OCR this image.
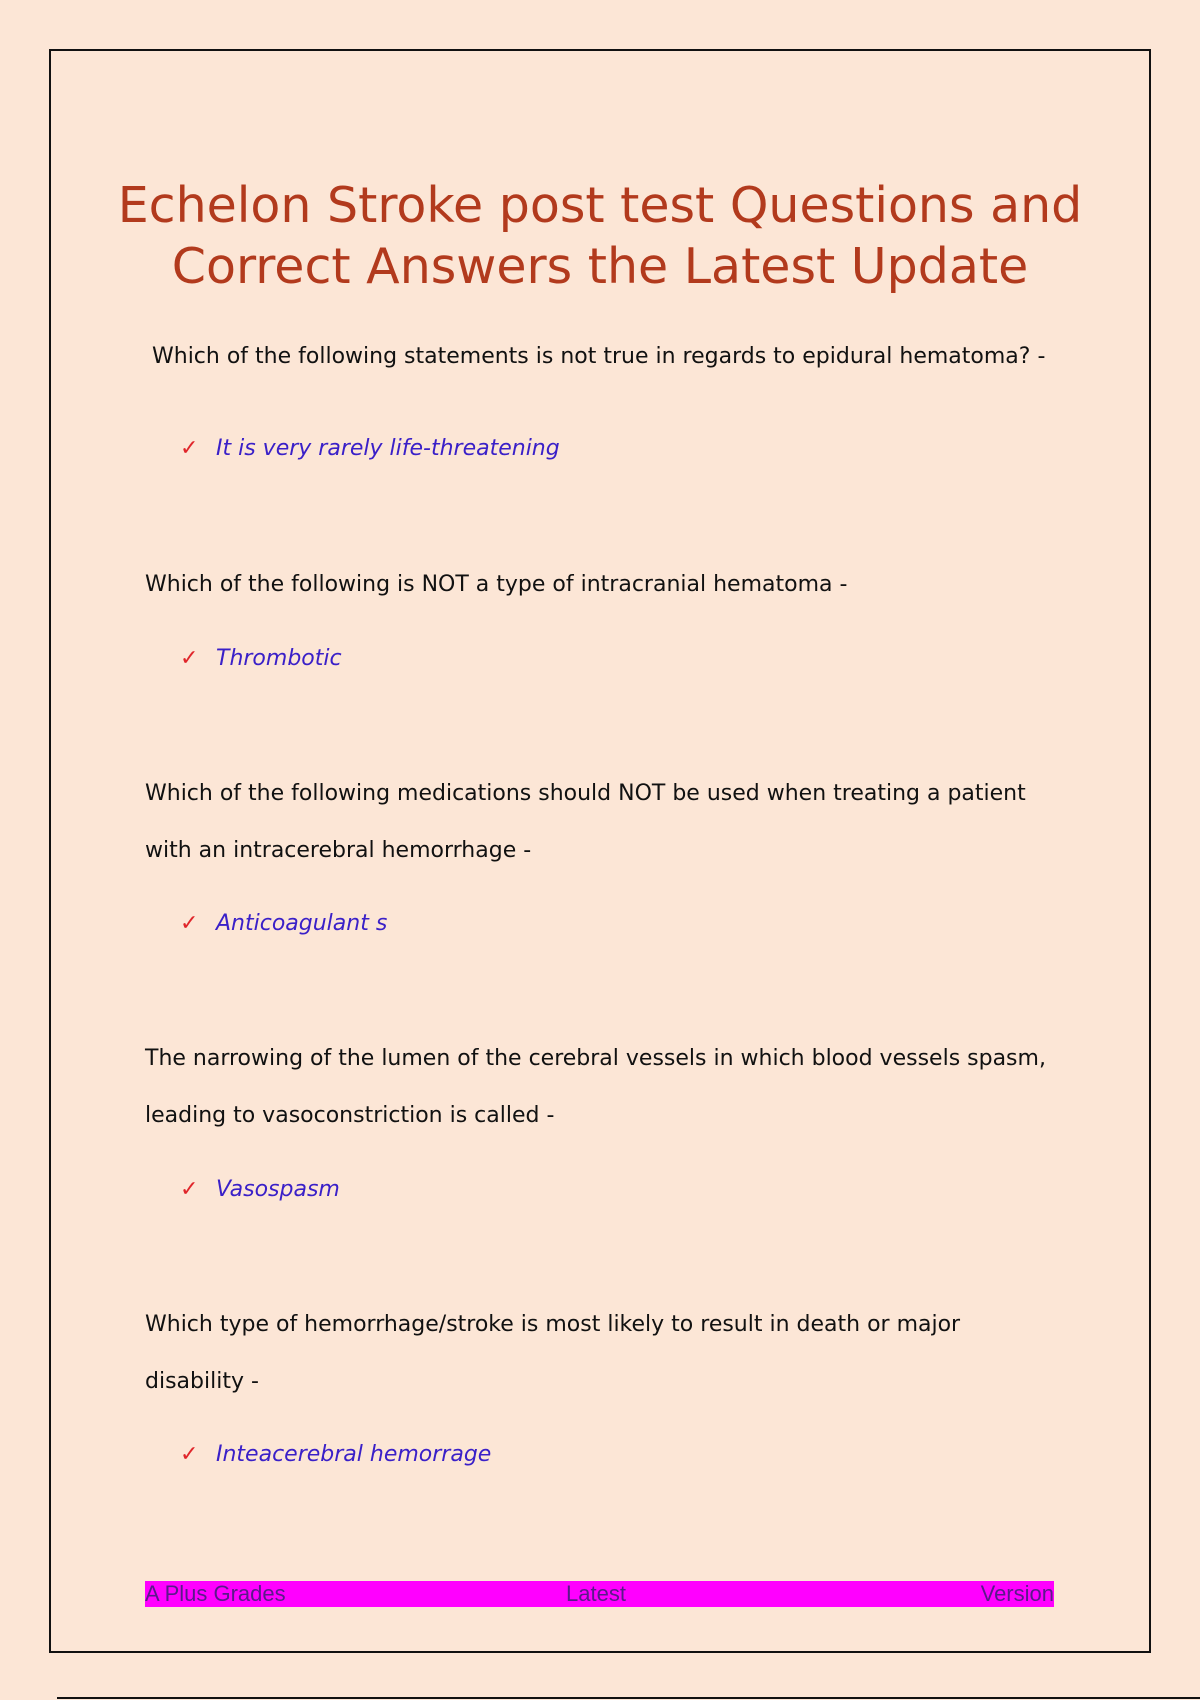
Echelon Stroke post test Questions and Correct Answers the Latest Update
Which of the following statements is not true in regards to epidural hematoma? -
✓ It is very rarely life-threatening
Which of the following is NOT a type of intracranial hematoma -
✓ Thrombotic
Which of the following medications should NOT be used when treating a patient with an intracerebral hemorrhage -
✓ Anticoagulant s
The narrowing of the lumen of the cerebral vessels in which blood vessels spasm, leading to vasoconstriction is called -
✓ Vasospasm
Which type of hemorrhage/stroke is most likely to result in death or major disability -
✓ Inteacerebral hemorrage
A Plus Grades	Latest	Version
